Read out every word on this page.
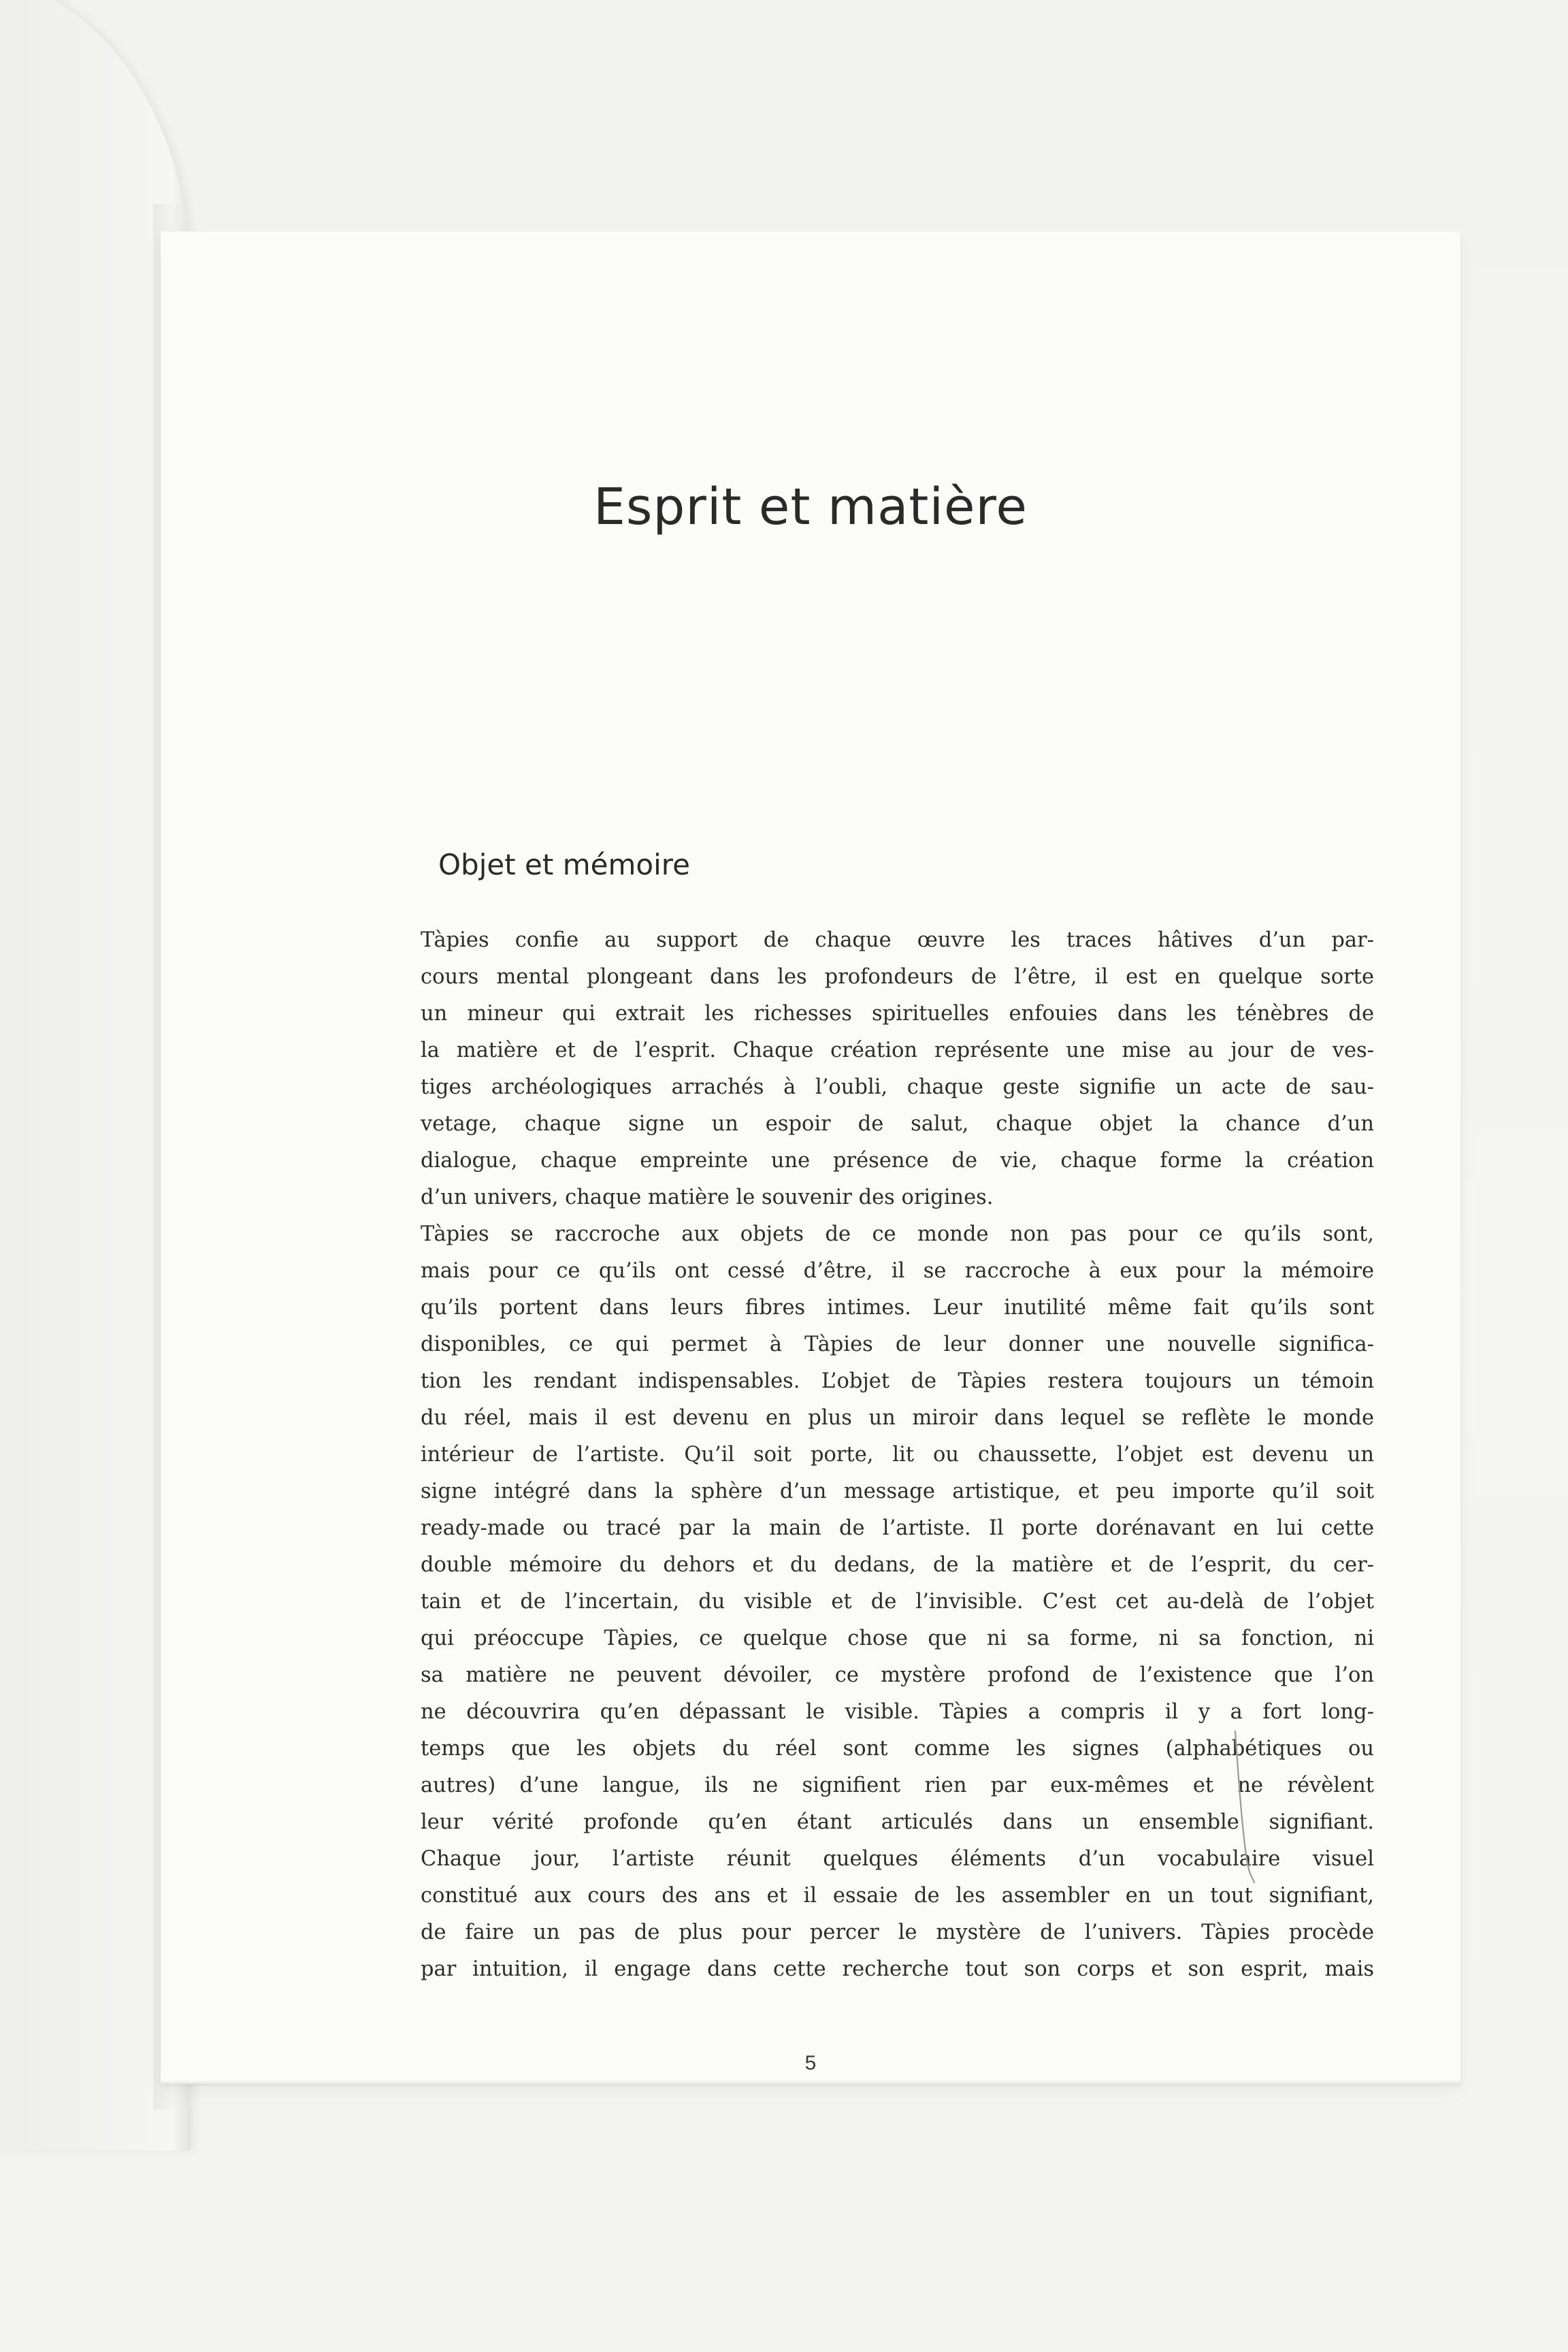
Esprit et matière
Objet et mémoire

Tàpies confie au support de chaque œuvre les traces hâtives d’un par-
cours mental plongeant dans les profondeurs de l’être, il est en quelque sorte
un mineur qui extrait les richesses spirituelles enfouies dans les ténèbres de
la matière et de l’esprit. Chaque création représente une mise au jour de ves-
tiges archéologiques arrachés à l’oubli, chaque geste signifie un acte de sau-
vetage, chaque signe un espoir de salut, chaque objet la chance d’un
dialogue, chaque empreinte une présence de vie, chaque forme la création
d’un univers, chaque matière le souvenir des origines.

Tàpies se raccroche aux objets de ce monde non pas pour ce qu’ils sont,
mais pour ce qu’ils ont cessé d’être, il se raccroche à eux pour la mémoire
qu’ils portent dans leurs fibres intimes. Leur inutilité même fait qu’ils sont
disponibles, ce qui permet à Tàpies de leur donner une nouvelle significa-
tion les rendant indispensables. L’objet de Tàpies restera toujours un témoin
du réel, mais il est devenu en plus un miroir dans lequel se reflète le monde
intérieur de l’artiste. Qu’il soit porte, lit ou chaussette, l’objet est devenu un
signe intégré dans la sphère d’un message artistique, et peu importe qu’il soit
ready-made ou tracé par la main de l’artiste. Il porte dorénavant en lui cette
double mémoire du dehors et du dedans, de la matière et de l’esprit, du cer-
tain et de l’incertain, du visible et de l’invisible. C’est cet au-delà de l’objet
qui préoccupe Tàpies, ce quelque chose que ni sa forme, ni sa fonction, ni
sa matière ne peuvent dévoiler, ce mystère profond de l’existence que l’on
ne découvrira qu’en dépassant le visible. Tàpies a compris il y a fort long-
temps que les objets du réel sont comme les signes (alphabétiques ou
autres) d’une langue, ils ne signifient rien par eux-mêmes et ne révèlent
leur vérité profonde qu’en étant articulés dans un ensemble signifiant.
Chaque jour, l’artiste réunit quelques éléments d’un vocabulaire visuel
constitué aux cours des ans et il essaie de les assembler en un tout signifiant,
de faire un pas de plus pour percer le mystère de l’univers. Tàpies procède
par intuition, il engage dans cette recherche tout son corps et son esprit, mais

5
